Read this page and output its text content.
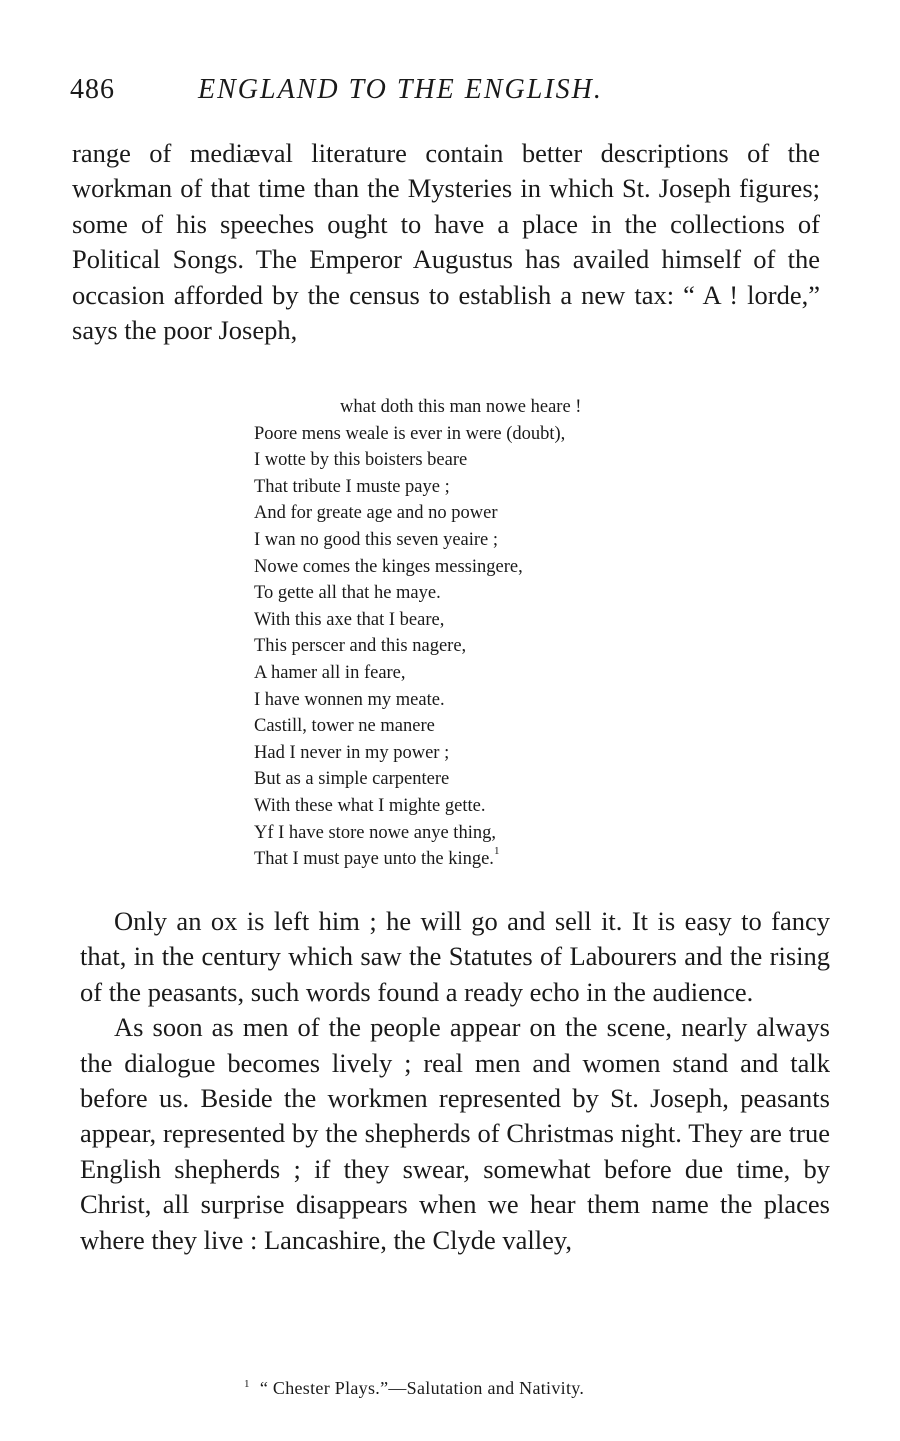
486	ENGLAND TO THE ENGLISH.

range of mediæval literature contain better descriptions of the workman of that time than the Mysteries in which St. Joseph figures; some of his speeches ought to have a place in the collections of Political Songs. The Emperor Augustus has availed himself of the occasion afforded by the census to establish a new tax: “ A ! lorde,” says the poor Joseph,

what doth this man nowe heare !
Poore mens weale is ever in were (doubt),
I wotte by this boisters beare
That tribute I muste paye ;
And for greate age and no power
I wan no good this seven yeaire ;
Nowe comes the kinges messingere,
To gette all that he maye.
With this axe that I beare,
This perscer and this nagere,
A hamer all in feare,
I have wonnen my meate.
Castill, tower ne manere
Had I never in my power ;
But as a simple carpentere
With these what I mighte gette.
Yf I have store nowe anye thing,
That I must paye unto the kinge.$^1$

Only an ox is left him ; he will go and sell it. It is easy to fancy that, in the century which saw the Statutes of Labourers and the rising of the peasants, such words found a ready echo in the audience.

As soon as men of the people appear on the scene, nearly always the dialogue becomes lively ; real men and women stand and talk before us. Beside the workmen represented by St. Joseph, peasants appear, represented by the shepherds of Christmas night. They are true English shepherds ; if they swear, somewhat before due time, by Christ, all surprise disappears when we hear them name the places where they live : Lancashire, the Clyde valley,

$^1$ “ Chester Plays.”—Salutation and Nativity.
